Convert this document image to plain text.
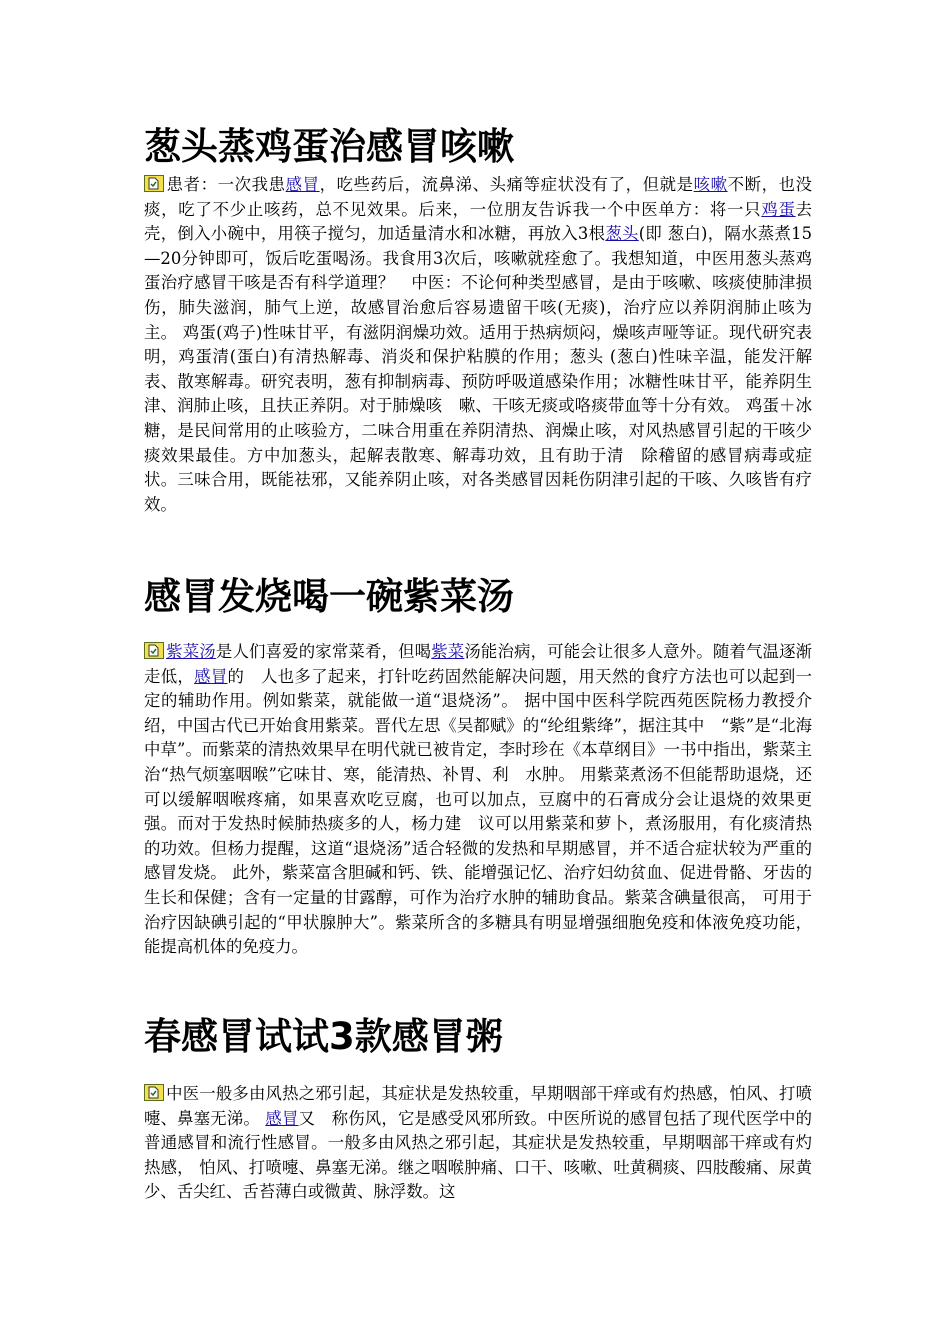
葱头蒸鸡蛋治感冒咳嗽

患者：一次我患感冒，吃些药后，流鼻涕、头痛等症状没有了，但就是咳嗽不断，也没痰，吃了不少止咳药，总不见效果。后来，一位朋友告诉我一个中医单方：将一只鸡蛋去壳，倒入小碗中，用筷子搅匀，加适量清水和冰糖，再放入3根葱头(即 葱白)，隔水蒸煮15—20分钟即可，饭后吃蛋喝汤。我食用3次后，咳嗽就痊愈了。我想知道，中医用葱头蒸鸡蛋治疗感冒干咳是否有科学道理？　中医：不论何种类型感冒，是由于咳嗽、咳痰使肺津损伤，肺失滋润，肺气上逆，故感冒治愈后容易遗留干咳(无痰)，治疗应以养阴润肺止咳为主。 鸡蛋(鸡子)性味甘平，有滋阴润燥功效。适用于热病烦闷，燥咳声哑等证。现代研究表明，鸡蛋清(蛋白)有清热解毒、消炎和保护粘膜的作用；葱头 (葱白)性味辛温，能发汗解表、散寒解毒。研究表明，葱有抑制病毒、预防呼吸道感染作用；冰糖性味甘平，能养阴生津、润肺止咳，且扶正养阴。对于肺燥咳　嗽、干咳无痰或咯痰带血等十分有效。 鸡蛋＋冰糖，是民间常用的止咳验方，二味合用重在养阴清热、润燥止咳，对风热感冒引起的干咳少痰效果最佳。方中加葱头，起解表散寒、解毒功效，且有助于清　除稽留的感冒病毒或症状。三味合用，既能祛邪，又能养阴止咳，对各类感冒因耗伤阴津引起的干咳、久咳皆有疗效。

感冒发烧喝一碗紫菜汤

紫菜汤是人们喜爱的家常菜肴，但喝紫菜汤能治病，可能会让很多人意外。随着气温逐渐走低，感冒的　人也多了起来，打针吃药固然能解决问题，用天然的食疗方法也可以起到一定的辅助作用。例如紫菜，就能做一道“退烧汤”。 据中国中医科学院西苑医院杨力教授介绍，中国古代已开始食用紫菜。晋代左思《吴都赋》的“纶组紫绛”，据注其中　“紫”是“北海中草”。而紫菜的清热效果早在明代就已被肯定，李时珍在《本草纲目》一书中指出，紫菜主治“热气烦塞咽喉”它味甘、寒，能清热、补胃、利　水肿。 用紫菜煮汤不但能帮助退烧，还可以缓解咽喉疼痛，如果喜欢吃豆腐，也可以加点，豆腐中的石膏成分会让退烧的效果更强。而对于发热时候肺热痰多的人，杨力建　议可以用紫菜和萝卜，煮汤服用，有化痰清热的功效。但杨力提醒，这道“退烧汤”适合轻微的发热和早期感冒，并不适合症状较为严重的感冒发烧。 此外，紫菜富含胆碱和钙、铁、能增强记忆、治疗妇幼贫血、促进骨骼、牙齿的生长和保健；含有一定量的甘露醇，可作为治疗水肿的辅助食品。紫菜含碘量很高， 可用于治疗因缺碘引起的“甲状腺肿大”。紫菜所含的多糖具有明显增强细胞免疫和体液免疫功能，能提高机体的免疫力。

春感冒试试3款感冒粥

中医一般多由风热之邪引起，其症状是发热较重，早期咽部干痒或有灼热感，怕风、打喷嚏、鼻塞无涕。 感冒又　称伤风，它是感受风邪所致。中医所说的感冒包括了现代医学中的普通感冒和流行性感冒。一般多由风热之邪引起，其症状是发热较重，早期咽部干痒或有灼热感， 怕风、打喷嚏、鼻塞无涕。继之咽喉肿痛、口干、咳嗽、吐黄稠痰、四肢酸痛、尿黄少、舌尖红、舌苔薄白或微黄、脉浮数。这
